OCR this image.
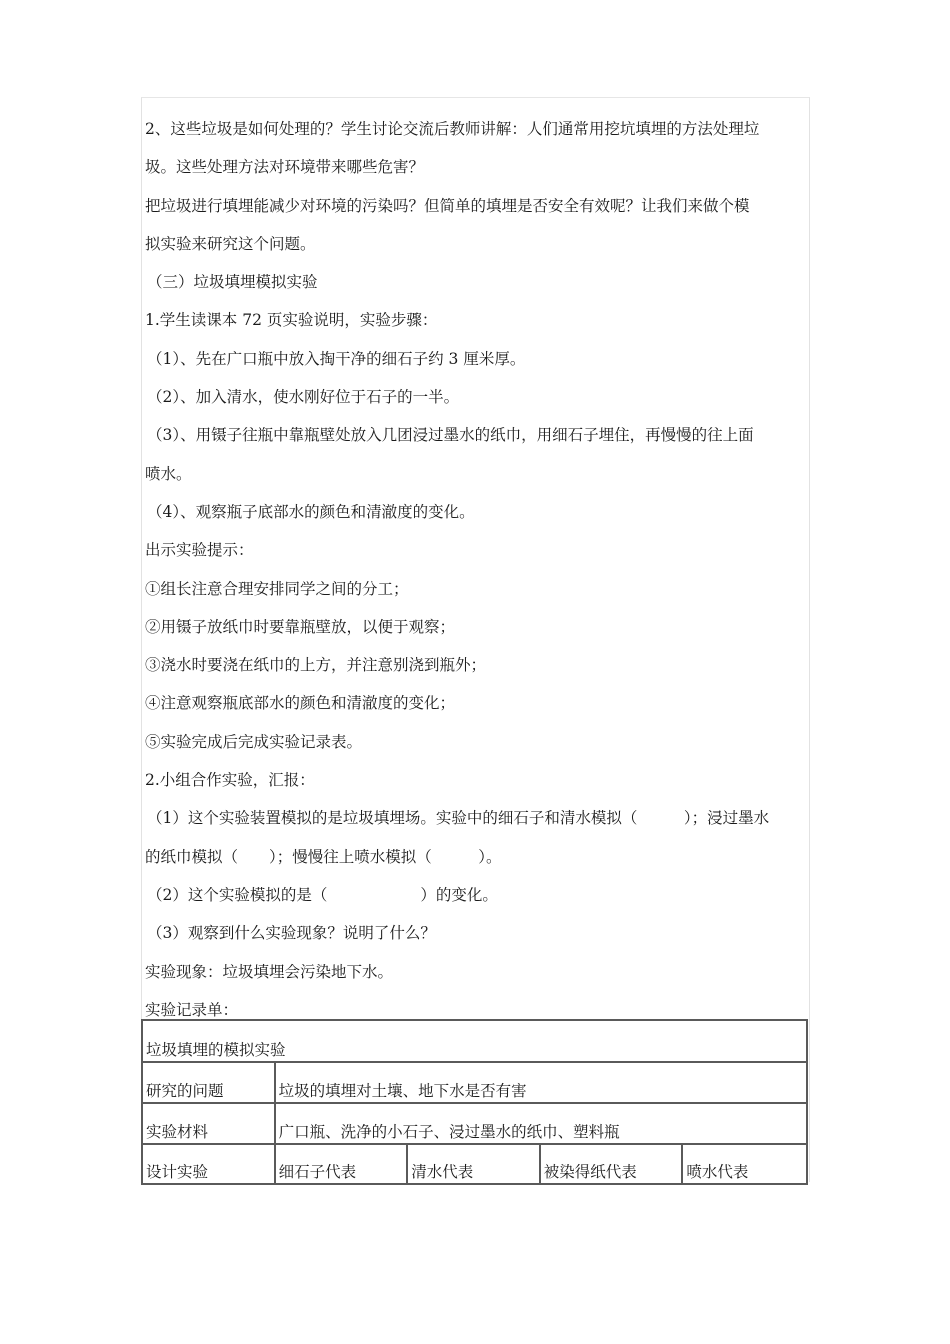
2、这些垃圾是如何处理的？学生讨论交流后教师讲解：人们通常用挖坑填埋的方法处理垃
圾。这些处理方法对环境带来哪些危害？
把垃圾进行填埋能减少对环境的污染吗？但简单的填埋是否安全有效呢？让我们来做个模
拟实验来研究这个问题。
（三）垃圾填埋模拟实验
1.学生读课本 72 页实验说明，实验步骤：
（1）、先在广口瓶中放入掏干净的细石子约 3 厘米厚。
（2）、加入清水，使水刚好位于石子的一半。
（3）、用镊子往瓶中靠瓶壁处放入几团浸过墨水的纸巾，用细石子埋住，再慢慢的往上面
喷水。
（4）、观察瓶子底部水的颜色和清澈度的变化。
出示实验提示：
①组长注意合理安排同学之间的分工；
②用镊子放纸巾时要靠瓶壁放，以便于观察；
③浇水时要浇在纸巾的上方，并注意别浇到瓶外；
④注意观察瓶底部水的颜色和清澈度的变化；
⑤实验完成后完成实验记录表。
2.小组合作实验，汇报：
（1）这个实验装置模拟的是垃圾填埋场。实验中的细石子和清水模拟（　　　）；浸过墨水
的纸巾模拟（　　）；慢慢往上喷水模拟（　　　）。
（2）这个实验模拟的是（　　　　　　）的变化。
（3）观察到什么实验现象？说明了什么？
实验现象：垃圾填埋会污染地下水。
实验记录单：
垃圾填埋的模拟实验				
研究的问题	垃圾的填埋对土壤、地下水是否有害			
实验材料	广口瓶、洗净的小石子、浸过墨水的纸巾、塑料瓶			
设计实验	细石子代表	清水代表	被染得纸代表	喷水代表
